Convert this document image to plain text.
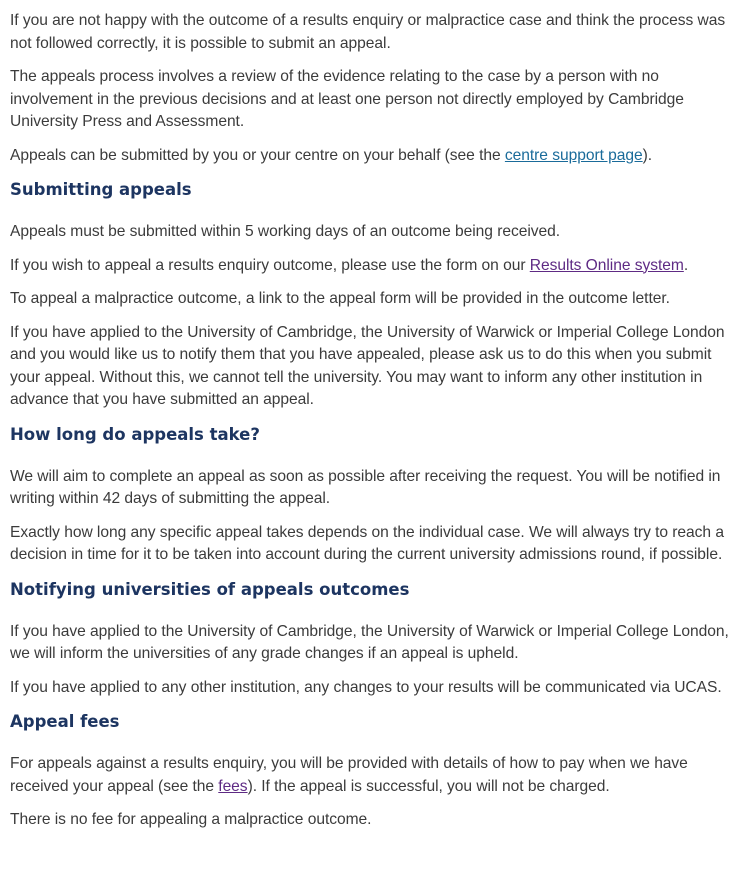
If you are not happy with the outcome of a results enquiry or malpractice case and think the process was not followed correctly, it is possible to submit an appeal.

The appeals process involves a review of the evidence relating to the case by a person with no involvement in the previous decisions and at least one person not directly employed by Cambridge University Press and Assessment.

Appeals can be submitted by you or your centre on your behalf (see the centre support page).

Submitting appeals

Appeals must be submitted within 5 working days of an outcome being received.

If you wish to appeal a results enquiry outcome, please use the form on our Results Online system.

To appeal a malpractice outcome, a link to the appeal form will be provided in the outcome letter.

If you have applied to the University of Cambridge, the University of Warwick or Imperial College London and you would like us to notify them that you have appealed, please ask us to do this when you submit your appeal. Without this, we cannot tell the university. You may want to inform any other institution in advance that you have submitted an appeal.

How long do appeals take?

We will aim to complete an appeal as soon as possible after receiving the request. You will be notified in writing within 42 days of submitting the appeal.

Exactly how long any specific appeal takes depends on the individual case. We will always try to reach a decision in time for it to be taken into account during the current university admissions round, if possible.

Notifying universities of appeals outcomes

If you have applied to the University of Cambridge, the University of Warwick or Imperial College London, we will inform the universities of any grade changes if an appeal is upheld.

If you have applied to any other institution, any changes to your results will be communicated via UCAS.

Appeal fees

For appeals against a results enquiry, you will be provided with details of how to pay when we have received your appeal (see the fees). If the appeal is successful, you will not be charged.

There is no fee for appealing a malpractice outcome.
